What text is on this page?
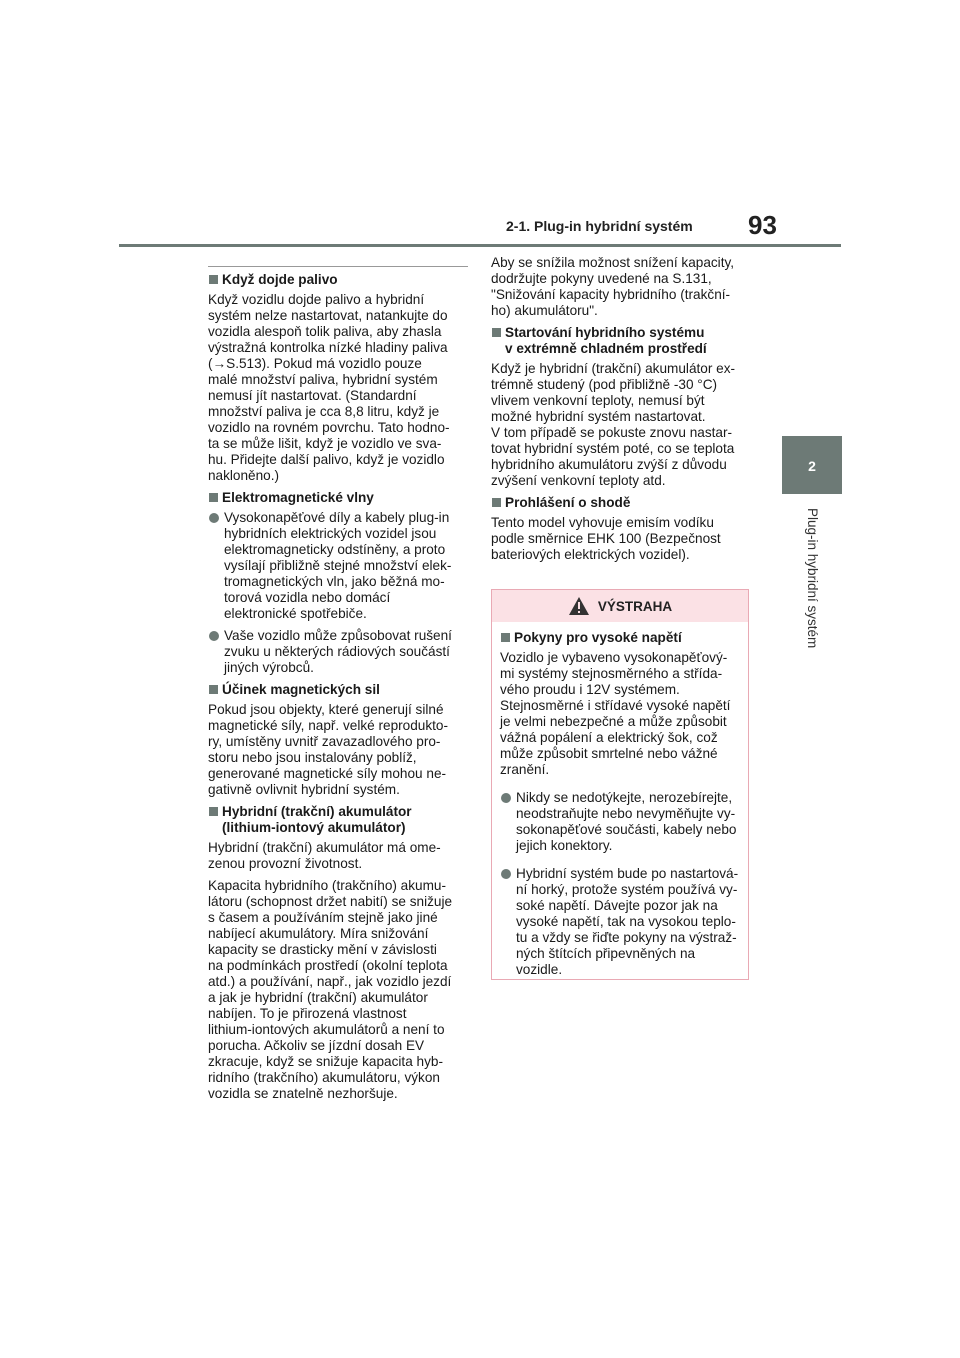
2-1. Plug-in hybridní systém 93
2
Plug-in hybridní systém
Když dojde palivo

Když vozidlu dojde palivo a hybridní
systém nelze nastartovat, natankujte do
vozidla alespoň tolik paliva, aby zhasla
výstražná kontrolka nízké hladiny paliva
(→S.513). Pokud má vozidlo pouze
malé množství paliva, hybridní systém
nemusí jít nastartovat. (Standardní
množství paliva je cca 8,8 litru, když je
vozidlo na rovném povrchu. Tato hodno-
ta se může lišit, když je vozidlo ve sva-
hu. Přidejte další palivo, když je vozidlo
nakloněno.)

Elektromagnetické vlny
Vysokonapěťové díly a kabely plug-in
hybridních elektrických vozidel jsou
elektromagneticky odstíněny, a proto
vysílají přibližně stejné množství elek-
tromagnetických vln, jako běžná mo-
torová vozidla nebo domácí
elektronické spotřebiče.
Vaše vozidlo může způsobovat rušení
zvuku u některých rádiových součástí
jiných výrobců.
Účinek magnetických sil

Pokud jsou objekty, které generují silné
magnetické síly, např. velké reprodukto-
ry, umístěny uvnitř zavazadlového pro-
storu nebo jsou instalovány poblíž,
generované magnetické síly mohou ne-
gativně ovlivnit hybridní systém.

Hybridní (trakční) akumulátor
(lithium-iontový akumulátor)

Hybridní (trakční) akumulátor má ome-
zenou provozní životnost.

Kapacita hybridního (trakčního) akumu-
látoru (schopnost držet nabití) se snižuje
s časem a používáním stejně jako jiné
nabíjecí akumulátory. Míra snižování
kapacity se drasticky mění v závislosti
na podmínkách prostředí (okolní teplota
atd.) a používání, např., jak vozidlo jezdí
a jak je hybridní (trakční) akumulátor
nabíjen. To je přirozená vlastnost
lithium-iontových akumulátorů a není to
porucha. Ačkoliv se jízdní dosah EV
zkracuje, když se snižuje kapacita hyb-
ridního (trakčního) akumulátoru, výkon
vozidla se znatelně nezhoršuje.

Aby se snížila možnost snížení kapacity,
dodržujte pokyny uvedené na S.131,
"Snižování kapacity hybridního (trakční-
ho) akumulátoru".

Startování hybridního systému
v extrémně chladném prostředí

Když je hybridní (trakční) akumulátor ex-
trémně studený (pod přibližně -30 °C)
vlivem venkovní teploty, nemusí být
možné hybridní systém nastartovat.
V tom případě se pokuste znovu nastar-
tovat hybridní systém poté, co se teplota
hybridního akumulátoru zvýší z důvodu
zvýšení venkovní teploty atd.

Prohlášení o shodě

Tento model vyhovuje emisím vodíku
podle směrnice EHK 100 (Bezpečnost
bateriových elektrických vozidel).

VÝSTRAHA
Pokyny pro vysoké napětí

Vozidlo je vybaveno vysokonapěťový-
mi systémy stejnosměrného a střída-
vého proudu i 12V systémem.
Stejnosměrné i střídavé vysoké napětí
je velmi nebezpečné a může způsobit
vážná popálení a elektrický šok, což
může způsobit smrtelné nebo vážné
zranění.

Nikdy se nedotýkejte, nerozebírejte,
neodstraňujte nebo nevyměňujte vy-
sokonapěťové součásti, kabely nebo
jejich konektory.
Hybridní systém bude po nastartová-
ní horký, protože systém používá vy-
soké napětí. Dávejte pozor jak na
vysoké napětí, tak na vysokou teplo-
tu a vždy se řiďte pokyny na výstraž-
ných štítcích připevněných na
vozidle.
